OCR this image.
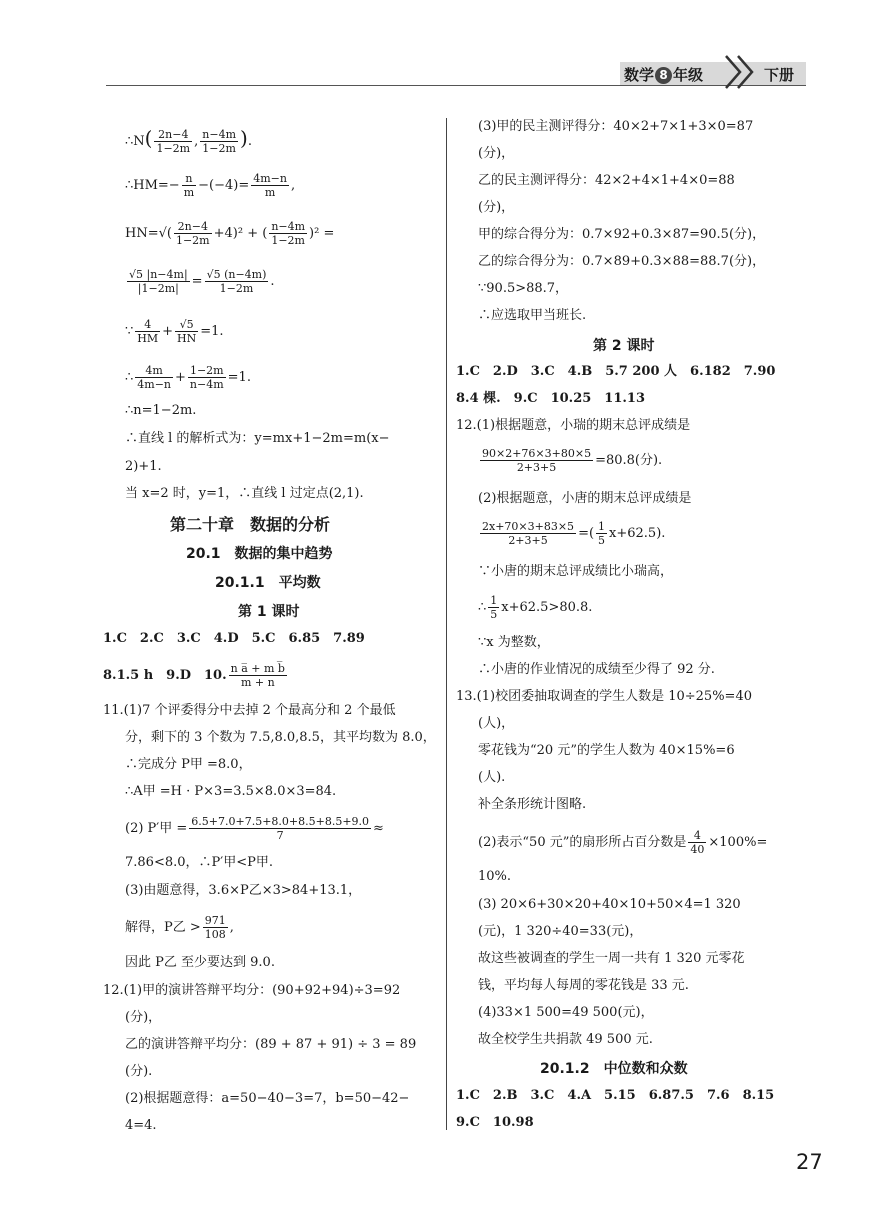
数学 8 年级	下册
∴N( $\frac{2n-4}{1-2m}$ , $\frac{n-4m}{1-2m}$ ).
∴HM=− $\frac{n}{m} -(-4)= \frac{4m-n}{m}$ ,
$HN=√( \frac{2n-4}{1-2m} +4)^2$ + ( $\frac{n-4m}{1-2m} )^2$ =
$\frac{√5 |n-4m|}{|1-2m|} = \frac{√5 (n-4m)}{1-2m}$ .
∵ $\frac{4}{HM} + \frac{√5}{HN} =1$.
∴ $\frac{4m}{4m-n} + \frac{1-2m}{n-4m} =1$.
∴n=1−2m.
∴直线 l 的解析式为：y=mx+1−2m=m(x−
2)+1.
当 x=2 时，y=1，∴直线 l 过定点(2,1).
第二十章　数据的分析
20.1　数据的集中趋势
20.1.1　平均数
第 1 课时
1.C　2.C　3.C　4.D　5.C　6.85　7.89
8.1.5 h　9.D　10. $\frac{\text{n a̅ + m b̅}}{m + n}$
11.(1)7 个评委得分中去掉 2 个最高分和 2 个最低
分，剩下的 3 个数为 7.5,8.0,8.5，其平均数为 8.0，
∴完成分 P甲 =8.0，
∴A甲 =H · P×3=3.5×8.0×3=84.
(2) P′甲 = $\frac{6.5+7.0+7.5+8.0+8.5+8.5+9.0}{7}$ ≈
7.86<8.0，∴P′甲<P甲.
(3)由题意得，3.6×P乙×3>84+13.1，
解得，P乙 > $\frac{971}{108}$ ,
因此 P乙 至少要达到 9.0.
12.(1)甲的演讲答辩平均分：(90+92+94)÷3=92
(分)，
乙的演讲答辩平均分：(89 + 87 + 91) ÷ 3 = 89
(分).
(2)根据题意得：a=50−40−3=7，b=50−42−
4=4.
(3)甲的民主测评得分：40×2+7×1+3×0=87
(分)，
乙的民主测评得分：42×2+4×1+4×0=88
(分)，
甲的综合得分为：0.7×92+0.3×87=90.5(分)，
乙的综合得分为：0.7×89+0.3×88=88.7(分)，
∵90.5>88.7，
∴应选取甲当班长.
第 2 课时
1.C　2.D　3.C　4.B　5.7 200 人　6.182　7.90
8.4 棵.　9.C　10.25　11.13
12.(1)根据题意，小瑞的期末总评成绩是
$\frac{90\times 2+76\times 3+80\times 5}{2+3+5} =80.8$(分).
(2)根据题意，小唐的期末总评成绩是
$\frac{2x+70\times 3+83\times 5}{2+3+5}$ =( $\frac{1}{5} x+62.5$).
∵小唐的期末总评成绩比小瑞高，
∴ $\frac{1}{5} x+62.5>80.8$.
∵x 为整数，
∴小唐的作业情况的成绩至少得了 92 分.
13.(1)校团委抽取调查的学生人数是 10÷25%=40
(人)，
零花钱为“20 元”的学生人数为 40×15%=6
(人).
补全条形统计图略.
(2)表示“50 元”的扇形所占百分数是 $\frac{4}{40} \times 100\%=$
10%.
(3) 20×6+30×20+40×10+50×4=1 320
(元)，1 320÷40=33(元)，
故这些被调查的学生一周一共有 1 320 元零花
钱，平均每人每周的零花钱是 33 元.
(4)33×1 500=49 500(元)，
故全校学生共捐款 49 500 元.
20.1.2　中位数和众数
1.C　2.B　3.C　4.A　5.15　6.87.5　7.6　8.15
9.C　10.98
27
